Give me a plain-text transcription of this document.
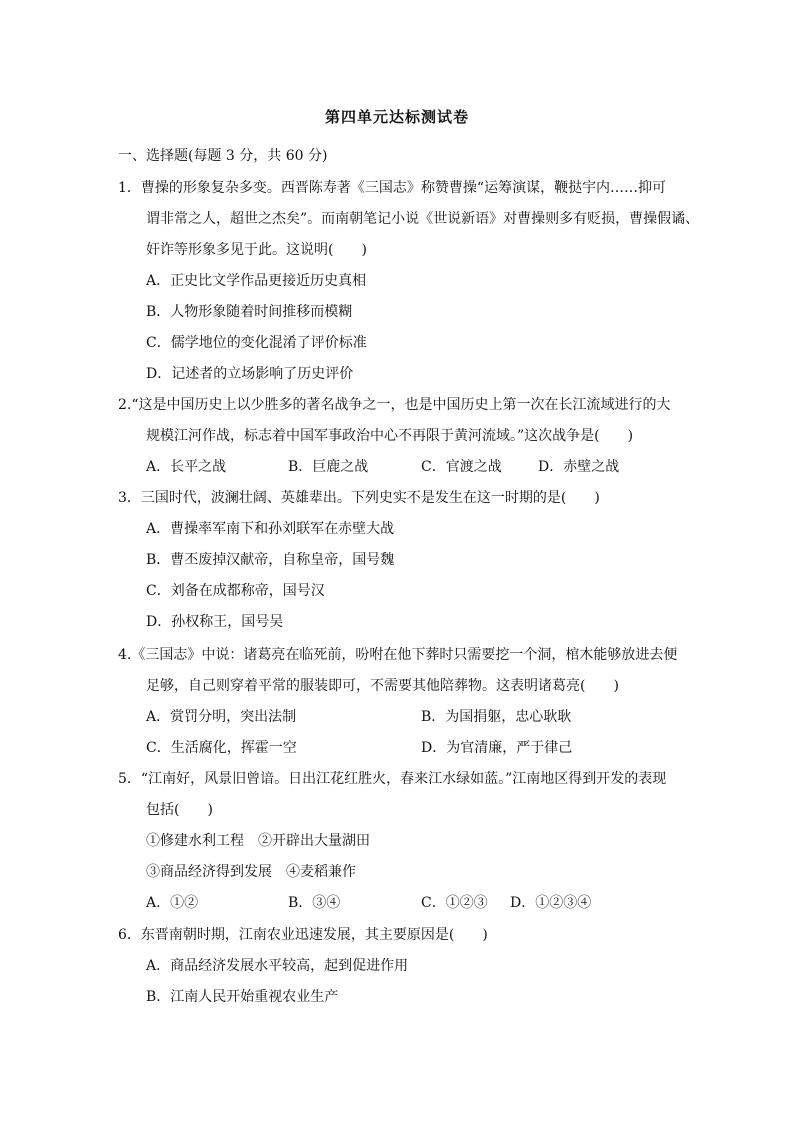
第四单元达标测试卷
一、选择题(每题 3 分，共 60 分)
1．曹操的形象复杂多变。西晋陈寿著《三国志》称赞曹操“运筹演谋，鞭挞宇内……抑可
谓非常之人，超世之杰矣”。而南朝笔记小说《世说新语》对曹操则多有贬损，曹操假谲、
奸诈等形象多见于此。这说明(　　)
A．正史比文学作品更接近历史真相
B．人物形象随着时间推移而模糊
C．儒学地位的变化混淆了评价标准
D．记述者的立场影响了历史评价
2.“这是中国历史上以少胜多的著名战争之一，也是中国历史上第一次在长江流域进行的大
规模江河作战，标志着中国军事政治中心不再限于黄河流域。”这次战争是(　　)
A．长平之战	B．巨鹿之战	C．官渡之战	D．赤壁之战
3．三国时代，波澜壮阔、英雄辈出。下列史实不是发生在这一时期的是(　　)
A．曹操率军南下和孙刘联军在赤壁大战
B．曹丕废掉汉献帝，自称皇帝，国号魏
C．刘备在成都称帝，国号汉
D．孙权称王，国号吴
4.《三国志》中说：诸葛亮在临死前，吩咐在他下葬时只需要挖一个洞，棺木能够放进去便
足够，自己则穿着平常的服装即可，不需要其他陪葬物。这表明诸葛亮(　　)
A．赏罚分明，突出法制	B．为国捐躯，忠心耿耿
C．生活腐化，挥霍一空	D．为官清廉，严于律己
5．“江南好，风景旧曾谙。日出江花红胜火，春来江水绿如蓝。”江南地区得到开发的表现
包括(　　)
①修建水利工程　②开辟出大量湖田
③商品经济得到发展　④麦稻兼作
A．①②	B．③④	C．①②③ D．①②③④
6．东晋南朝时期，江南农业迅速发展，其主要原因是(　　)
A．商品经济发展水平较高，起到促进作用
B．江南人民开始重视农业生产
